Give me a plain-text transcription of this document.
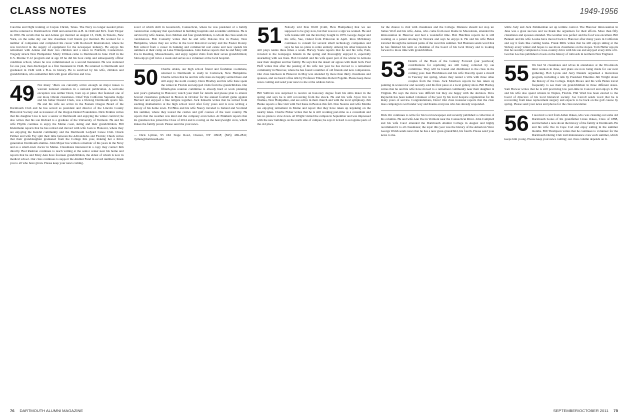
CLASS NOTES	1949-1956

Carolina and flight training at Corpus Christi, Texas. The Navy no longer needed pilots and he returned to Dartmouth in 1946 and earned his A.B. in 1949 and M.S. from Thayer in 1950. He recalls that he and Arlene got married on August 13, 1949, in Tuxedo, New York, on the same day our late classmate Carl Kuntz got married. He worked for a number of companies and completed his career with Rockwell International, where he was involved in the supply of equipment for the newspaper industry. He enjoys his retirement with Arlene and their two children and a niece in Fairfield, Connecticut. Tragedy struck New Hampshire: Marty Ullman came to Dartmouth in June 1943 in the U.S. Marine V-12 program and at age 18 he did his boot camp and subsequently officer candidate school, where he was commissioned as a second lieutenant. He was stationed for one year, then discharged as a first lieutenant in 1946. He returned to Dartmouth and graduated in 1949 with a B.A. in history. He is survived by his wife, children and grandchildren, who remember him with great affection and love.

49 Not many ’49ers are currently active enough on major issues to warrant national attention in a national publication. A welcome exception was Arthur Dorst, born up at pines that featured one of our more vibrant classmates. Chief Yale California Supreme Judge and his father Donald Clark, was a lifelong Dartmouth sports fan. He and his wife are active in the Eastern Oregon Board of the Dartmouth Club and he has served as president and director of the Lincoln County Historical Society and as treasurer of the Oregon Dental Foundation. Dick Perkins writes that his daughter Lisa is now a senior at Dartmouth and enjoying the winter carnival; he also writes that his son Richard is a graduate of the University of Vermont. He and his wife Phyllis continue to enjoy the Maine coast, skiing and their grandchildren. Bill Kleinmann reports that he has retired and moved with wife Joan to Hanover, where they are enjoying the Kendal community and the Dartmouth Ledyard Canoe Club. Chuck Palmer and wife Fay split their time between the Adirondacks and Florida; Chuck writes that their granddaughter graduated from the College this year, making her a third-generation Dartmouth alumna. John Mayer has written a memoir of his years in the Navy and as a small-town doctor in Maine. Classmates interested in a copy may contact him directly. Bud Rushton continues to teach writing at the senior center near his home and reports that he and Mary Ann have fourteen grandchildren, the eldest of whom is now in medical school. Our class continues to support the Alumni Fund in record numbers; thank you to all who have given. Please keep your news coming.

novel of which shift in Greenwich, Connecticut, where he was president of a family construction company that specialized in building hospitals and academic additions. He is survived by wife Jeanne, four children and four grandchildren, to whom the class sends its condolences. Bob Connelly writes that he and wife Dolores live in Exeter, New Hampshire, where they are active in the local historical society and the Exeter Rotary. Bob retired from a career in banking and commercial real estate and now spends his summers at their camp on Lake Winnipesaukee. John Kehoe reports that he and Mary still live in Reading, Massachusetts, and enjoy regular visits from their seven grandchildren; John enjoys golf twice a week and serves as a volunteer at the local hospital.

50 Charlie Alden, our high school friend and freshman roommate, returned to Dartmouth to study in Comstock, New Hampshire. Charlie writes that he and his wife Jean are happily settled there and still enjoy the north country. Dave Bradley and his wife Kate spent the winter in Florida and enjoyed visits from the grandchildren. Our fiftieth-plus reunion committee is already hard at work planning next year's gathering in Hanover; watch your mail for details and please plan to attend. Several classmates gathered in Boston in October for the annual football game against Harvard and enjoyed a fine tailgate together. Jack Kinsella writes that he retired from teaching mathematics at the high school level after forty years and is now writing a history of his home town. Ed Bliss and his wife Nancy traveled to Ireland and Scotland this summer, where they toured the castles and golf courses of the west country. He reports that the weather was kind and the company even better. Al Pinkham reports that his grandson has joined the Class of 2014 and is rowing on the heavyweight crew, which makes the family proud. Please send me your news.

— Dick Lyman, 95 Old Stage Road, Chester, NY 10918; (845) 469-2841; rlyman@dartmouth.edu

51 Nobody told Pete Wolff (Calif, Hew Hampshire) that we are supposed to be grey now, but that was not a sign we wanted. He and wife Jeanne still run the inn they bought in 1979. George Jaeger and his wife, Sue, visited from Princeton in April. Ross McKinney continues to consult for several small technology companies and says he has no plans to retire entirely. Among his other interests he still plays tennis three times a week. Harvey Soule reports that he and his wife, Pam, traveled to the Galapagos Islands in the spring and thoroughly enjoyed it, especially snorkeling with sea lions. Bob Crandall and his wife spent part of the winter in Arizona near their daughter and her family. He says that the desert air agrees with them both. Paul Hoff writes that after the passing of his wife last year he has moved to a retirement community in Hanover, where he has found a number of old friends and new companions. Our class luncheon in Hanover in May was attended by more than thirty classmates and spouses, and we heard a fine talk by Professor Emeritus Robert Fogelin. Please keep those notes coming and send your news to me at the address below.

Bill Sullivan was surprised to receive an honorary degree from his alma mater in the spring and says he is still recovering from the shock. He and his wife Joyce live in Nashua, New Hampshire, and are active in their church and with the local symphony. Jim Burke reports a fine visit with Ted Kane in Boston this fall. Don Stearns and wife Martha are enjoying retirement in Maine and report that they have taken up kayaking on the nearby lakes. Charlie Fisher writes that he is still working part-time as a consultant and has no plans to slow down. Al Wright visited the campus in September and was impressed with the new buildings on the north side of campus; he says it is hard to recognize parts of the old place.

for the chance to visit with classmates and the College. Distance should not stop us: James Wolf and his wife, Anne, who come from near Rome in Macedonia, attended the mini-reunion in Hanover and had a wonderful time. Bob Hutchins reports he is still working as a patent attorney in Newark and says he enjoys it. He and his wife Helen traveled through the national parks of the west this summer. Ted Brennan sends word that he has finished his term as chairman of the board of his local library and is looking forward to more time with grandchildren.

53 Details of the Book of the Century Forward (our yearbook) contributions for reprinting are still being collected by our committee. They will be bound and distributed to the class in the coming year. Ken Hutchinson and his wife Dorothy spent a month in Tuscany last spring, where they rented a villa with three other couples from the Class. Jack Morrison reports he has taken up painting in watercolor and recently sold his first piece at a local gallery show. Bill Hartley writes that he and his wife have moved to a retirement community near their daughter in Virginia. He says the move was difficult but they are happy with the decision. Dave Reynolds has been named volunteer of the year by his local hospice organization for his many years of service. Congratulations, Dave! Our class treasurer reports that the class dues campaign is well under way and thanks everyone who has already responded.

Dick Orr continues to write for his local newspaper and recently published a collection of his columns. He and wife Ann live in Vermont near the Connecticut River. John Campbell and his wife Carol attended the Dartmouth Alumni College in August and highly recommend it to all classmates; the topic this year was the history of the American West. George Walsh sends news that he has a new great-grandchild, his fourth. Please send your news to me.

while Jody and Jack Zimmerman set up termite control. The Hanover mini-reunion in June was a great success and we thank the organizers for their efforts. More than fifty classmates and spouses attended. The weather was perfect and the food was excellent. Bill Bennett and his wife Louise have moved back to Hanover after many years in California and say it feels like coming home. Frank Mills writes that he still enjoys skiing at the Skiway every winter and hopes to see more classmates on the slopes. Tom Heller reports that he recently completed a cross-country drive with his son and enjoyed every mile of it. Gordon Lee has published a book on the history of railroads in northern New England.

55 We had 52 classmates and wives in attendance at the Woodstock mini reunion in June, and plans are now being made for our next gathering. Bob Lyons and Jerry Daniels organized a marvelous program, including a talk by President Emeritus Jim Wright about the history of the College. Ralph Moore and his wife Helen travel frequently to see their six grandchildren in three different states. Sam Brewer writes that he is still practicing law part-time in Concord and enjoys it. He and his wife also spend winters in Naples, Florida. Phil Ward has been elected to the board of directors of his local historical society. Joe Carroll sends word that he is recovering from knee replacement surgery and expects to be back on the golf course by spring. Please send your news and photos for the class newsletter.

56 I received a card from Alden Oakes, who was cleaning out some old Dartmouth books of his grandfather Linus Oakes, Class of 1888, and included a note about the history of the family at Dartmouth. He and his wife live in Cape Cod and enjoy sailing in the summer months. Bill Thompson writes that he continues to volunteer for the Dartmouth Outing Club trail maintenance crew each summer, which keeps him young. Please keep your news coming; our class column depends on it.

76 DARTMOUTH ALUMNI MAGAZINE	SEPTEMBER/OCTOBER 2011 75
